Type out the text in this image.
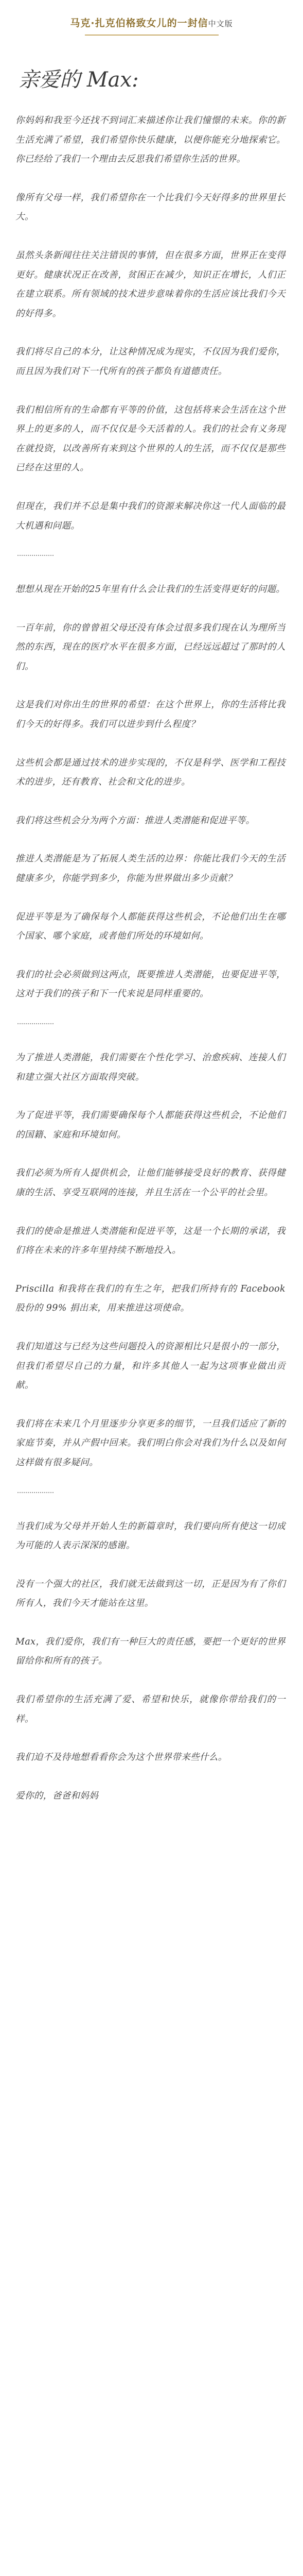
马克·扎克伯格致女儿的一封信中文版
亲爱的 Max:

你妈妈和我至今还找不到词汇来描述你让我们憧憬的未来。你的新生活充满了希望，我们希望你快乐健康，以便你能充分地探索它。你已经给了我们一个理由去反思我们希望你生活的世界。

像所有父母一样，我们希望你在一个比我们今天好得多的世界里长大。

虽然头条新闻往往关注错误的事情，但在很多方面，世界正在变得更好。健康状况正在改善，贫困正在减少，知识正在增长，人们正在建立联系。所有领域的技术进步意味着你的生活应该比我们今天的好得多。

我们将尽自己的本分，让这种情况成为现实，不仅因为我们爱你，而且因为我们对下一代所有的孩子都负有道德责任。

我们相信所有的生命都有平等的价值，这包括将来会生活在这个世界上的更多的人，而不仅仅是今天活着的人。我们的社会有义务现在就投资，以改善所有来到这个世界的人的生活，而不仅仅是那些已经在这里的人。

但现在，我们并不总是集中我们的资源来解决你这一代人面临的最大机遇和问题。

想想从现在开始的25年里有什么会让我们的生活变得更好的问题。

一百年前，你的曾曾祖父母还没有体会过很多我们现在认为理所当然的东西，现在的医疗水平在很多方面，已经远远超过了那时的人们。

这是我们对你出生的世界的希望：在这个世界上，你的生活将比我们今天的好得多。我们可以进步到什么程度？

这些机会都是通过技术的进步实现的，不仅是科学、医学和工程技术的进步，还有教育、社会和文化的进步。

我们将这些机会分为两个方面：推进人类潜能和促进平等。

推进人类潜能是为了拓展人类生活的边界：你能比我们今天的生活健康多少，你能学到多少，你能为世界做出多少贡献？

促进平等是为了确保每个人都能获得这些机会，不论他们出生在哪个国家、哪个家庭，或者他们所处的环境如何。

我们的社会必须做到这两点，既要推进人类潜能，也要促进平等，这对于我们的孩子和下一代来说是同样重要的。

为了推进人类潜能，我们需要在个性化学习、治愈疾病、连接人们和建立强大社区方面取得突破。

为了促进平等，我们需要确保每个人都能获得这些机会，不论他们的国籍、家庭和环境如何。

我们必须为所有人提供机会，让他们能够接受良好的教育、获得健康的生活、享受互联网的连接，并且生活在一个公平的社会里。

我们的使命是推进人类潜能和促进平等，这是一个长期的承诺，我们将在未来的许多年里持续不断地投入。

Priscilla 和我将在我们的有生之年，把我们所持有的 Facebook 股份的 99% 捐出来，用来推进这项使命。

我们知道这与已经为这些问题投入的资源相比只是很小的一部分，但我们希望尽自己的力量，和许多其他人一起为这项事业做出贡献。

我们将在未来几个月里逐步分享更多的细节，一旦我们适应了新的家庭节奏，并从产假中回来。我们明白你会对我们为什么以及如何这样做有很多疑问。

当我们成为父母并开始人生的新篇章时，我们要向所有使这一切成为可能的人表示深深的感谢。

没有一个强大的社区，我们就无法做到这一切，正是因为有了你们所有人，我们今天才能站在这里。

Max，我们爱你，我们有一种巨大的责任感，要把一个更好的世界留给你和所有的孩子。

我们希望你的生活充满了爱、希望和快乐，就像你带给我们的一样。

我们迫不及待地想看看你会为这个世界带来些什么。

爱你的，爸爸和妈妈
